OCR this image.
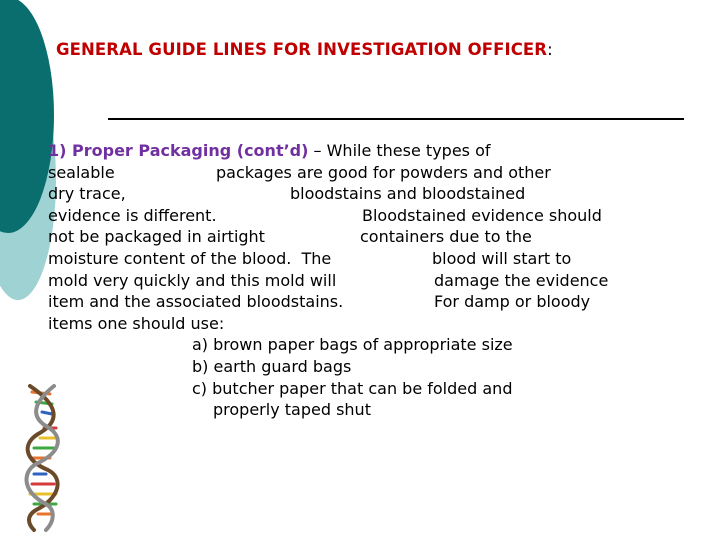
GENERAL GUIDE LINES FOR INVESTIGATION OFFICER:
1) Proper Packaging (cont’d) – While these types of
sealable	packages are good for powders and other
dry trace,	bloodstains and bloodstained
evidence is different.	Bloodstained evidence should
not be packaged in airtight	containers due to the
moisture content of the blood.  The	blood will start to
mold very quickly and this mold will	damage the evidence
item and the associated bloodstains.	For damp or bloody
items one should use:
a) brown paper bags of appropriate size
b) earth guard bags
c) butcher paper that can be folded and
properly taped shut
